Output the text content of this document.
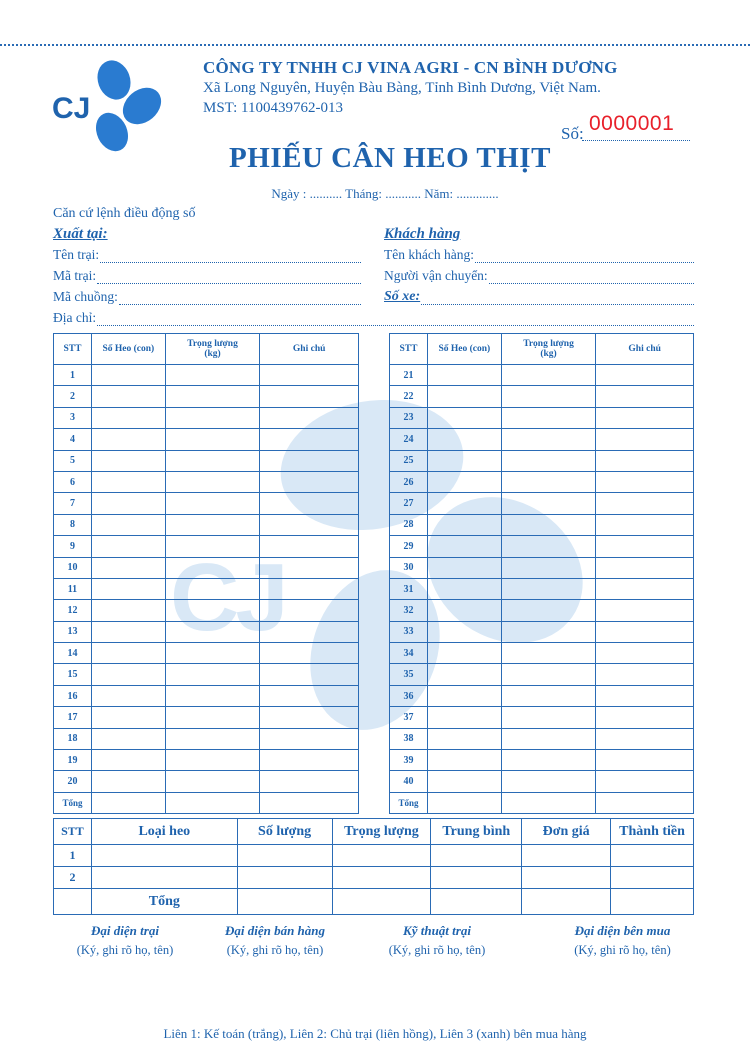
CJ
CÔNG TY TNHH CJ VINA AGRI - CN BÌNH DƯƠNG
Xã Long Nguyên, Huyện Bàu Bàng, Tỉnh Bình Dương, Việt Nam.
MST: 1100439762-013
Số: 0000001
PHIẾU CÂN HEO THỊT
Ngày : .......... Tháng: ........... Năm: .............
Căn cứ lệnh điều động số
Xuất tại:
Tên trại:
Mã trại:
Mã chuồng:
Địa chỉ:
Khách hàng
Tên khách hàng:
Người vận chuyển:
Số xe:
CJ
STT	Số Heo (con)	Trọng lượng
(kg)	Ghi chú
1			
2			
3			
4			
5			
6			
7			
8			
9			
10			
11			
12			
13			
14			
15			
16			
17			
18			
19			
20			
Tổng			
STT	Số Heo (con)	Trọng lượng
(kg)	Ghi chú
21			
22			
23			
24			
25			
26			
27			
28			
29			
30			
31			
32			
33			
34			
35			
36			
37			
38			
39			
40			
Tổng			
STT	Loại heo	Số lượng	Trọng lượng	Trung bình	Đơn giá	Thành tiền
1						
2						
	Tổng					
Đại diện trại
(Ký, ghi rõ họ, tên)
Đại diện bán hàng
(Ký, ghi rõ họ, tên)
Kỹ thuật trại
(Ký, ghi rõ họ, tên)
Đại diện bên mua
(Ký, ghi rõ họ, tên)
Liên 1: Kế toán (trắng), Liên 2: Chủ trại (liên hồng), Liên 3 (xanh) bên mua hàng
